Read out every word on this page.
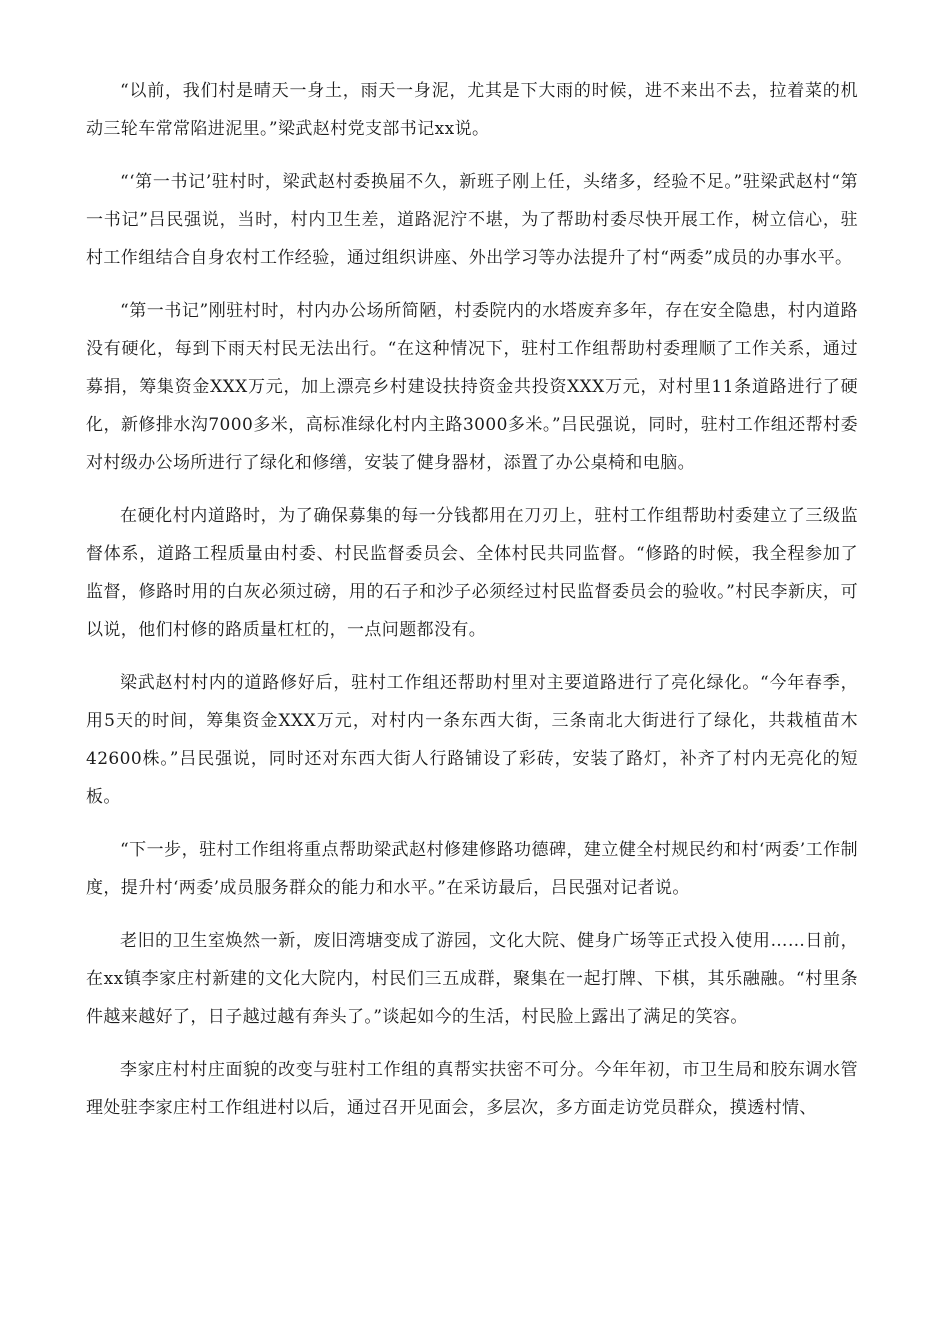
“以前，我们村是晴天一身土，雨天一身泥，尤其是下大雨的时候，进不来出不去，拉着菜的机动三轮车常常陷进泥里。”梁武赵村党支部书记xx说。

“‘第一书记’驻村时，梁武赵村委换届不久，新班子刚上任，头绪多，经验不足。”驻梁武赵村“第一书记”吕民强说，当时，村内卫生差，道路泥泞不堪，为了帮助村委尽快开展工作，树立信心，驻村工作组结合自身农村工作经验，通过组织讲座、外出学习等办法提升了村“两委”成员的办事水平。

“第一书记”刚驻村时，村内办公场所简陋，村委院内的水塔废弃多年，存在安全隐患，村内道路没有硬化，每到下雨天村民无法出行。“在这种情况下，驻村工作组帮助村委理顺了工作关系，通过募捐，筹集资金XXX万元，加上漂亮乡村建设扶持资金共投资XXX万元，对村里11条道路进行了硬化，新修排水沟7000多米，高标准绿化村内主路3000多米。”吕民强说，同时，驻村工作组还帮村委对村级办公场所进行了绿化和修缮，安装了健身器材，添置了办公桌椅和电脑。

在硬化村内道路时，为了确保募集的每一分钱都用在刀刃上，驻村工作组帮助村委建立了三级监督体系，道路工程质量由村委、村民监督委员会、全体村民共同监督。“修路的时候，我全程参加了监督，修路时用的白灰必须过磅，用的石子和沙子必须经过村民监督委员会的验收。”村民李新庆，可以说，他们村修的路质量杠杠的，一点问题都没有。

梁武赵村村内的道路修好后，驻村工作组还帮助村里对主要道路进行了亮化绿化。“今年春季，用5天的时间，筹集资金XXX万元，对村内一条东西大街，三条南北大街进行了绿化，共栽植苗木42600株。”吕民强说，同时还对东西大街人行路铺设了彩砖，安装了路灯，补齐了村内无亮化的短板。

“下一步，驻村工作组将重点帮助梁武赵村修建修路功德碑，建立健全村规民约和村‘两委’工作制度，提升村‘两委’成员服务群众的能力和水平。”在采访最后，吕民强对记者说。

老旧的卫生室焕然一新，废旧湾塘变成了游园，文化大院、健身广场等正式投入使用……日前，在xx镇李家庄村新建的文化大院内，村民们三五成群，聚集在一起打牌、下棋，其乐融融。“村里条件越来越好了，日子越过越有奔头了。”谈起如今的生活，村民脸上露出了满足的笑容。

李家庄村村庄面貌的改变与驻村工作组的真帮实扶密不可分。今年年初，市卫生局和胶东调水管理处驻李家庄村工作组进村以后，通过召开见面会，多层次，多方面走访党员群众，摸透村情、
